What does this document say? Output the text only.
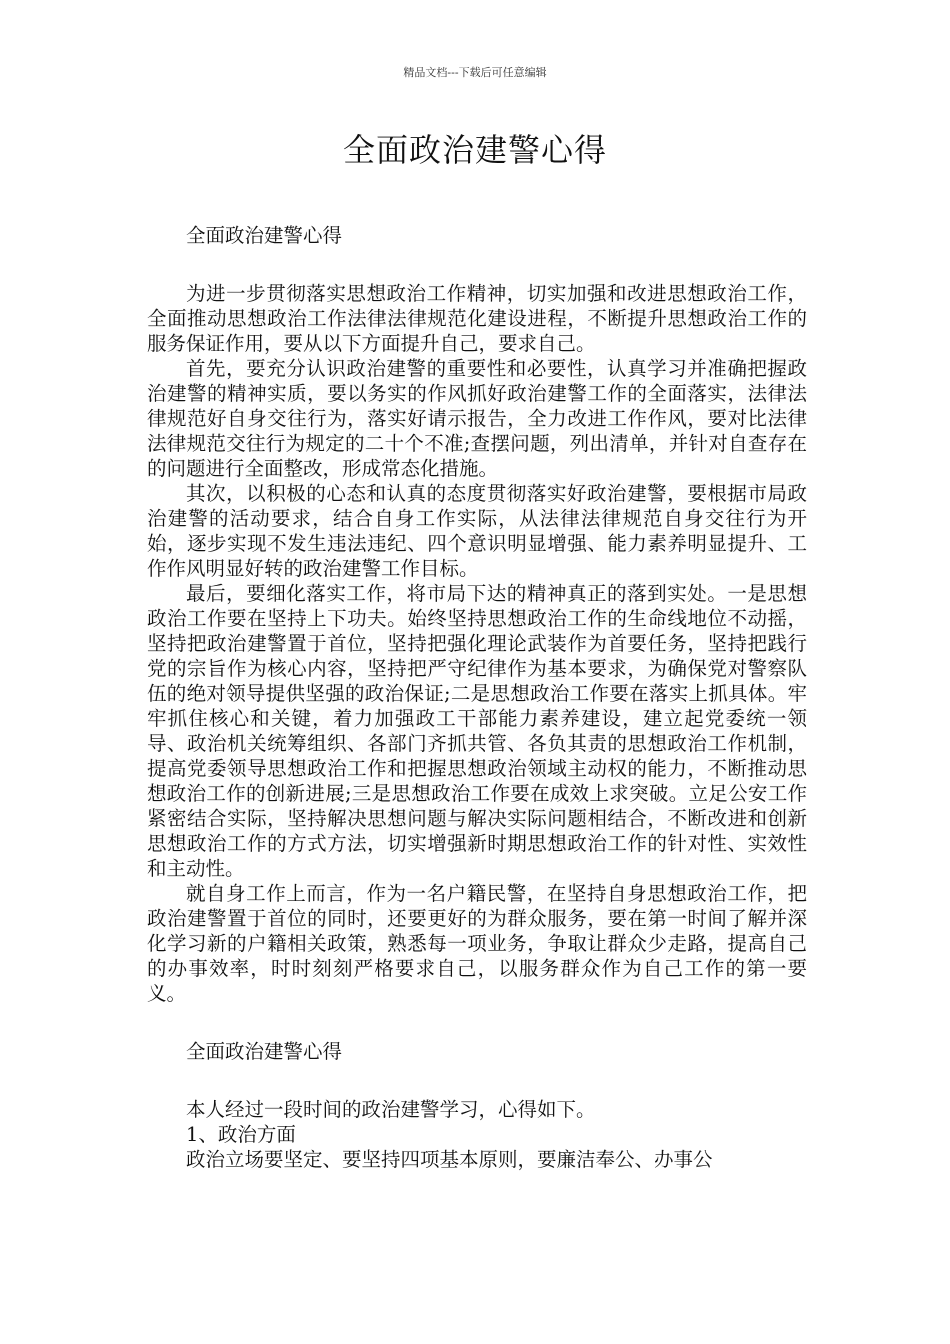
精品文档---下载后可任意编辑
全面政治建警心得

全面政治建警心得

为进一步贯彻落实思想政治工作精神，切实加强和改进思想政治工作，全面推动思想政治工作法律法律规范化建设进程，不断提升思想政治工作的服务保证作用，要从以下方面提升自己，要求自己。

首先，要充分认识政治建警的重要性和必要性，认真学习并准确把握政治建警的精神实质，要以务实的作风抓好政治建警工作的全面落实，法律法律规范好自身交往行为，落实好请示报告，全力改进工作作风，要对比法律法律规范交往行为规定的二十个不准;查摆问题，列出清单，并针对自查存在的问题进行全面整改，形成常态化措施。

其次，以积极的心态和认真的态度贯彻落实好政治建警，要根据市局政治建警的活动要求，结合自身工作实际，从法律法律规范自身交往行为开始，逐步实现不发生违法违纪、四个意识明显增强、能力素养明显提升、工作作风明显好转的政治建警工作目标。

最后，要细化落实工作，将市局下达的精神真正的落到实处。一是思想政治工作要在坚持上下功夫。始终坚持思想政治工作的生命线地位不动摇，坚持把政治建警置于首位，坚持把强化理论武装作为首要任务，坚持把践行党的宗旨作为核心内容，坚持把严守纪律作为基本要求，为确保党对警察队伍的绝对领导提供坚强的政治保证;二是思想政治工作要在落实上抓具体。牢牢抓住核心和关键，着力加强政工干部能力素养建设，建立起党委统一领导、政治机关统筹组织、各部门齐抓共管、各负其责的思想政治工作机制，提高党委领导思想政治工作和把握思想政治领域主动权的能力，不断推动思想政治工作的创新进展;三是思想政治工作要在成效上求突破。立足公安工作紧密结合实际，坚持解决思想问题与解决实际问题相结合，不断改进和创新思想政治工作的方式方法，切实增强新时期思想政治工作的针对性、实效性和主动性。

就自身工作上而言，作为一名户籍民警，在坚持自身思想政治工作，把政治建警置于首位的同时，还要更好的为群众服务，要在第一时间了解并深化学习新的户籍相关政策，熟悉每一项业务，争取让群众少走路，提高自己的办事效率，时时刻刻严格要求自己，以服务群众作为自己工作的第一要义。

全面政治建警心得

本人经过一段时间的政治建警学习，心得如下。

1、政治方面

政治立场要坚定、要坚持四项基本原则，要廉洁奉公、办事公
